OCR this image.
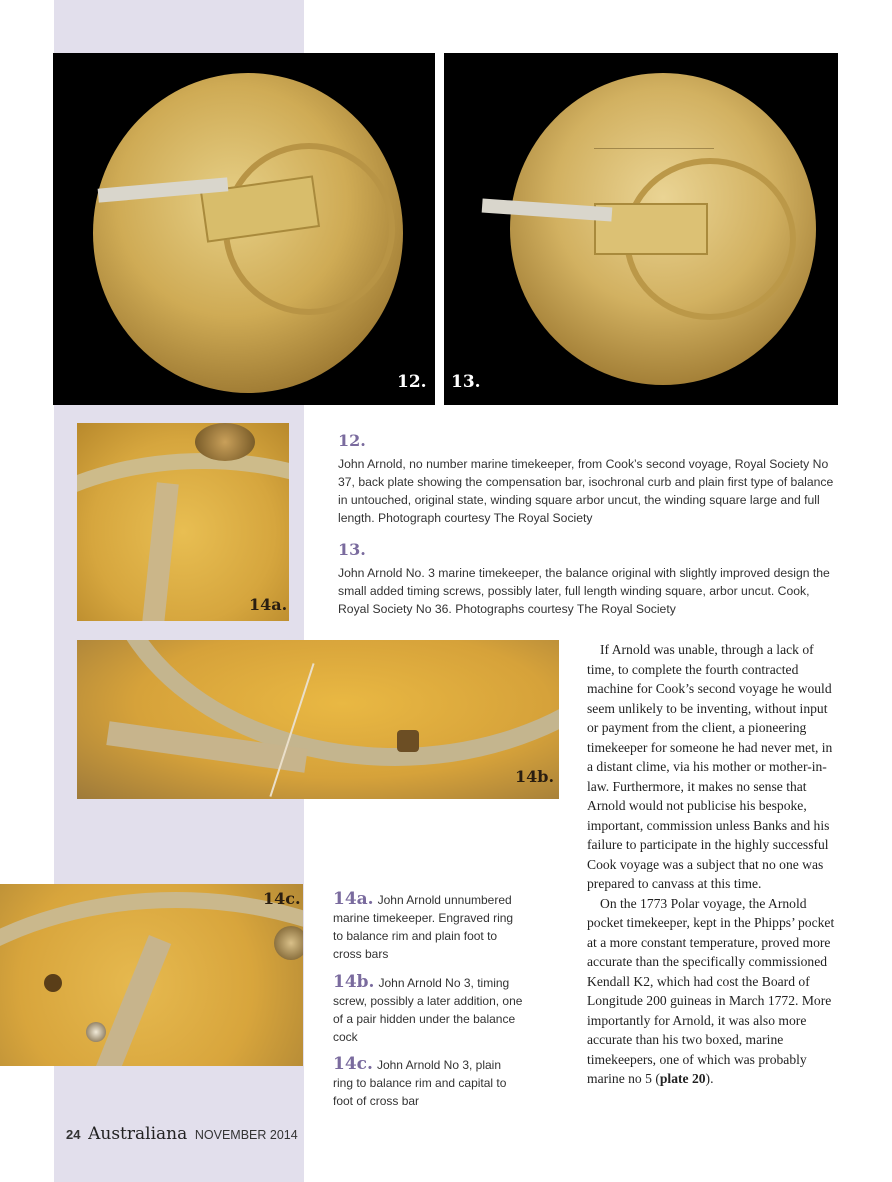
12. 13.
14a.
14b.
14c.
12.
John Arnold, no number marine timekeeper, from Cook’s second voyage, Royal Society No 37, back plate showing the compensation bar, isochronal curb and plain first type of balance in untouched, original state, winding square arbor uncut, the winding square large and full length. Photograph courtesy The Royal Society
13.
John Arnold No. 3 marine timekeeper, the balance original with slightly improved design the small added timing screws, possibly later, full length winding square, arbor uncut. Cook, Royal Society No 36. Photographs courtesy The Royal Society
14a. John Arnold unnumbered marine timekeeper. Engraved ring to balance rim and plain foot to cross bars
14b. John Arnold No 3, timing screw, possibly a later addition, one of a pair hidden under the balance cock
14c. John Arnold No 3, plain ring to balance rim and capital to foot of cross bar

If Arnold was unable, through a lack of time, to complete the fourth contracted machine for Cook’s second voyage he would seem unlikely to be inventing, without input or payment from the client, a pioneering timekeeper for someone he had never met, in a distant clime, via his mother or mother-in-law. Furthermore, it makes no sense that Arnold would not publicise his bespoke, important, commission unless Banks and his failure to participate in the highly successful Cook voyage was a subject that no one was prepared to canvass at this time.

On the 1773 Polar voyage, the Arnold pocket timekeeper, kept in the Phipps’ pocket at a more constant temperature, proved more accurate than the specifically commissioned Kendall K2, which had cost the Board of Longitude 200 guineas in March 1772. More importantly for Arnold, it was also more accurate than his two boxed, marine timekeepers, one of which was probably marine no 5 (plate 20).

24 Australiana NOVEMBER 2014
